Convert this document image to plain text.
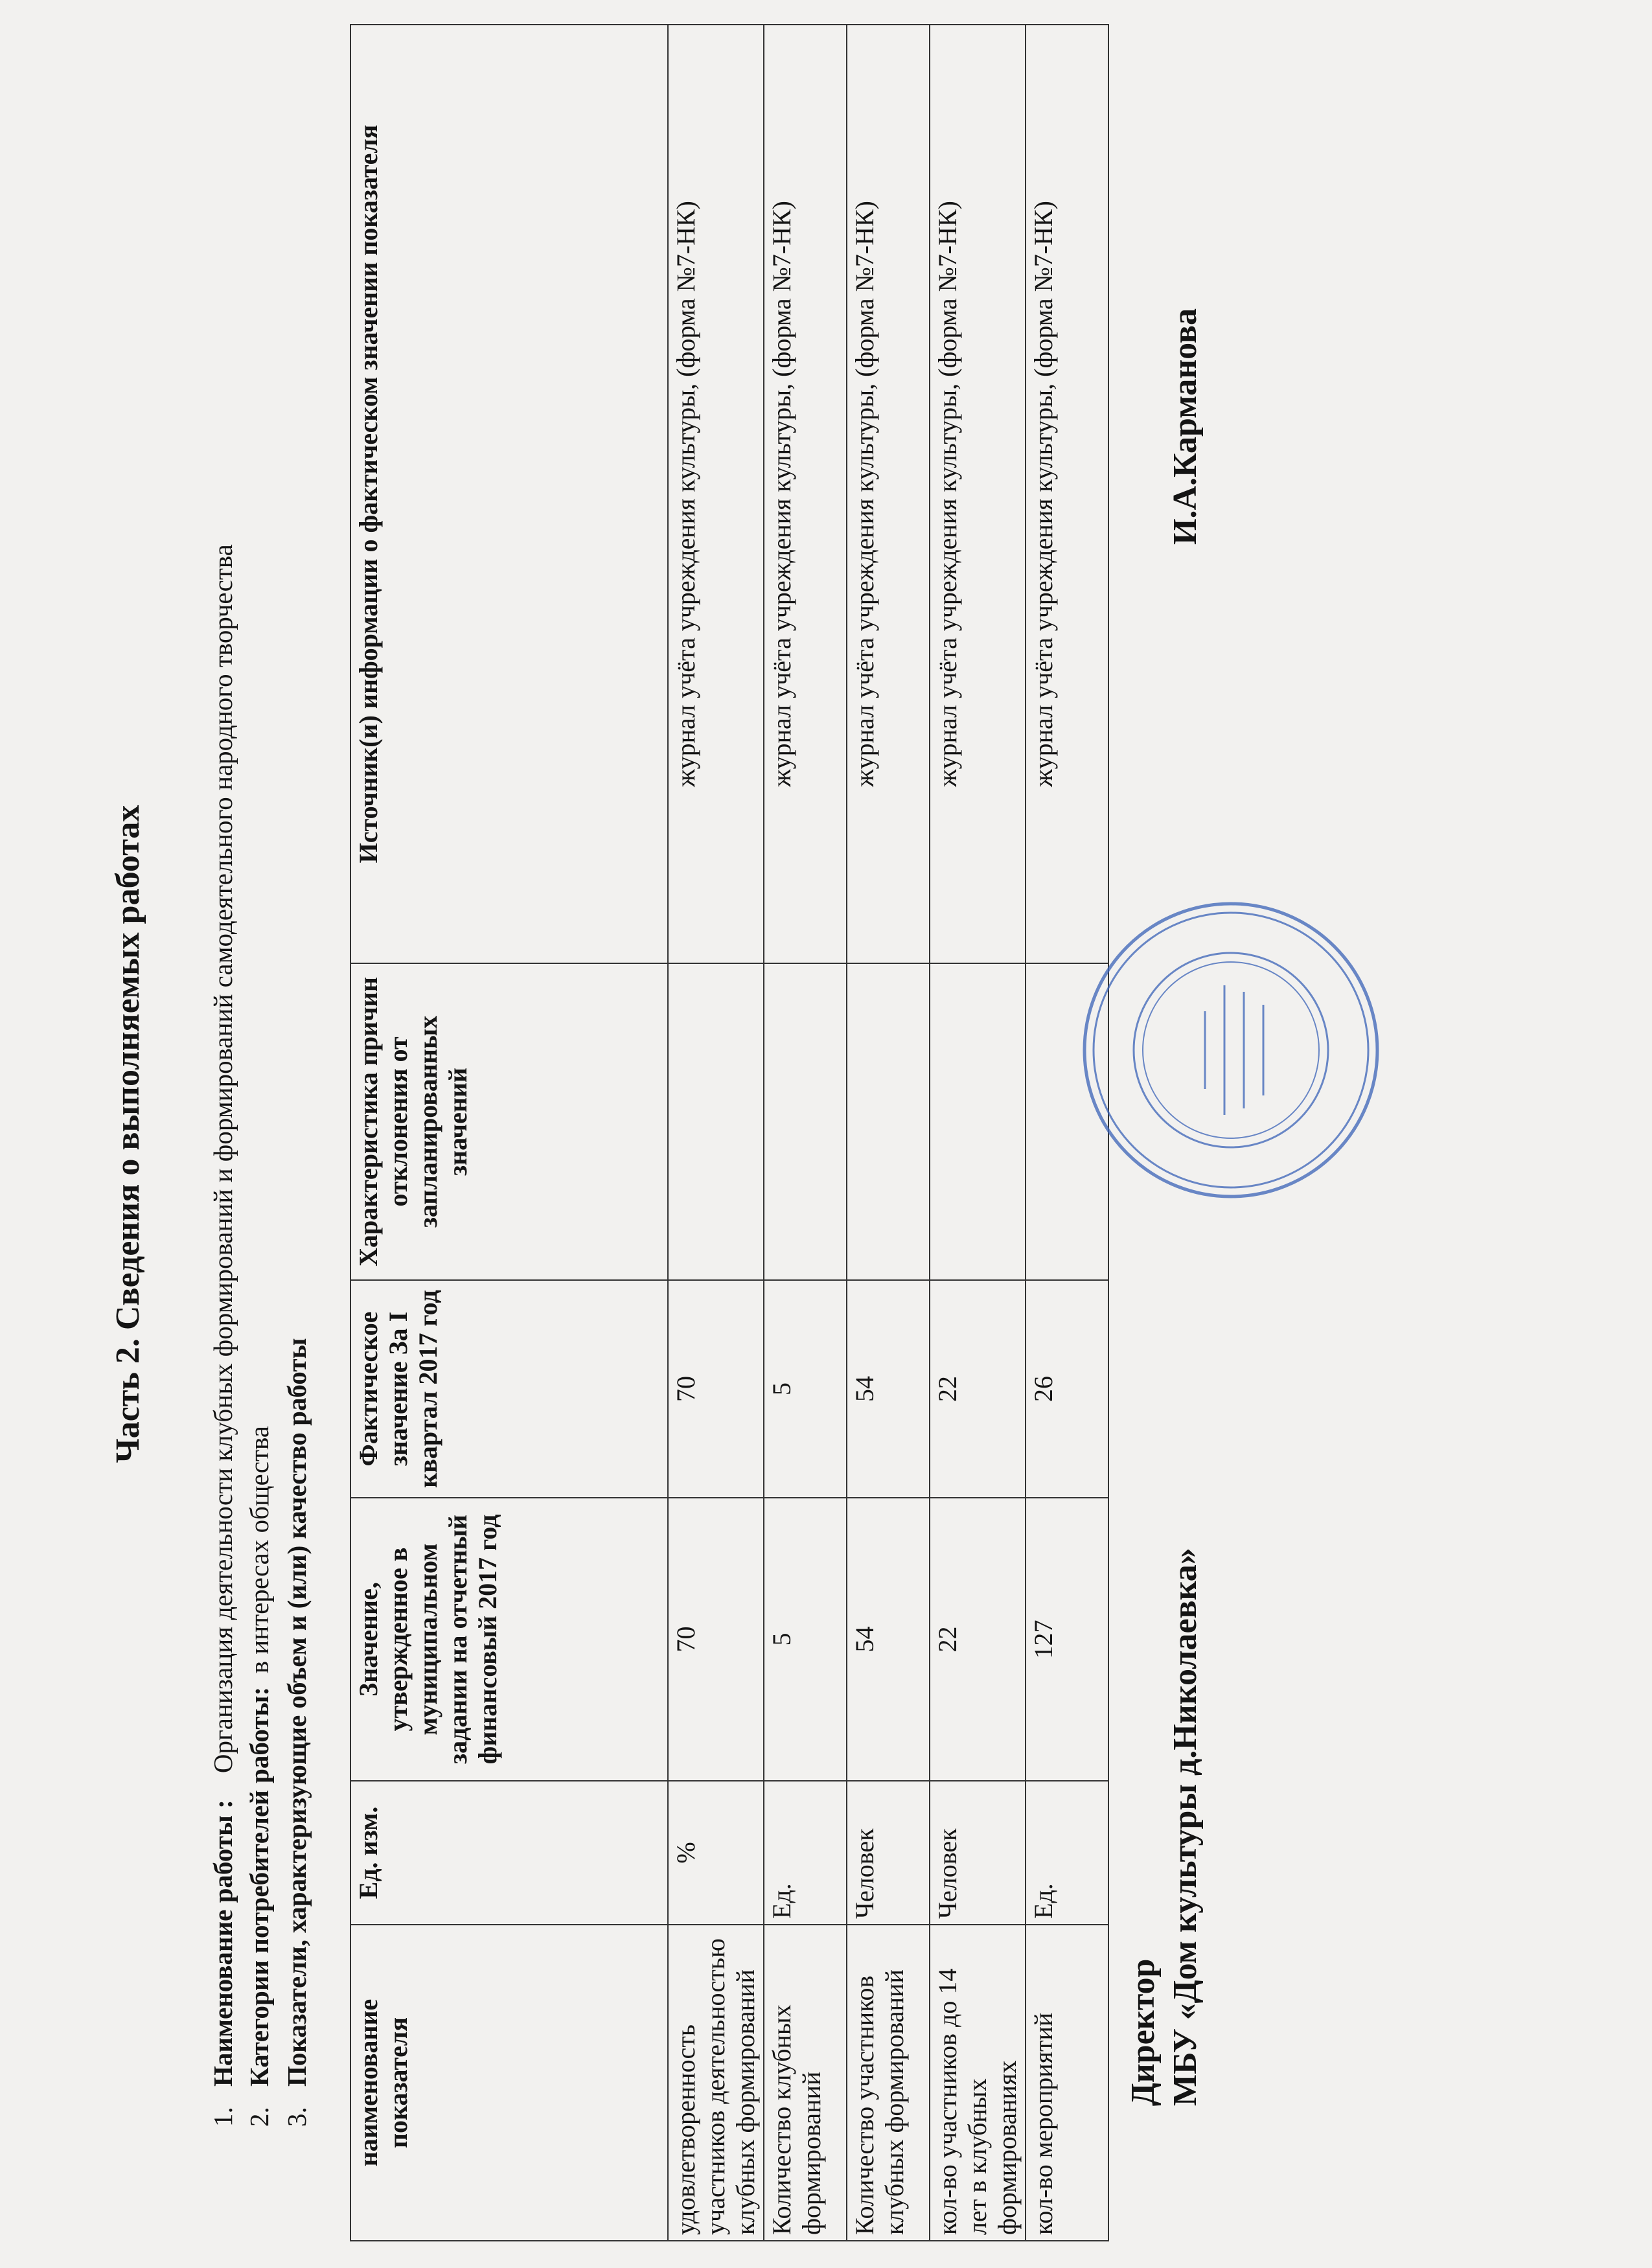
Часть 2. Сведения о выполняемых работах
1.Наименование работы :    Организация деятельности клубных формирований и формирований самодеятельного народного творчества
2.Категории потребителей работы:  в интересах общества
3.Показатели, характеризующие объем и (или) качество работы наименование показателя	Ед. изм.	Значение, утвержденное в муниципальном задании на отчетный финансовый 2017 год	Фактическое значение За I квартал 2017 год	Характеристика причин отклонения от запланированных значений	Источник(и) информации о фактическом значении показателя
удовлетворенность участников деятельностью клубных формирований	%	70	70		журнал учёта учреждения культуры, (форма №7-НК)
Количество клубных формирований	Ед.	5	5		журнал учёта учреждения культуры, (форма №7-НК)
Количество участников клубных формирований	Человек	54	54		журнал учёта учреждения культуры, (форма №7-НК)
кол-во участников до 14 лет в клубных формированиях	Человек	22	22		журнал учёта учреждения культуры, (форма №7-НК)
кол-во мероприятий	Ед.	127	26		журнал учёта учреждения культуры, (форма №7-НК)
Директор МБУ «Дом культуры д.Николаевка»
И.А.Карманова
